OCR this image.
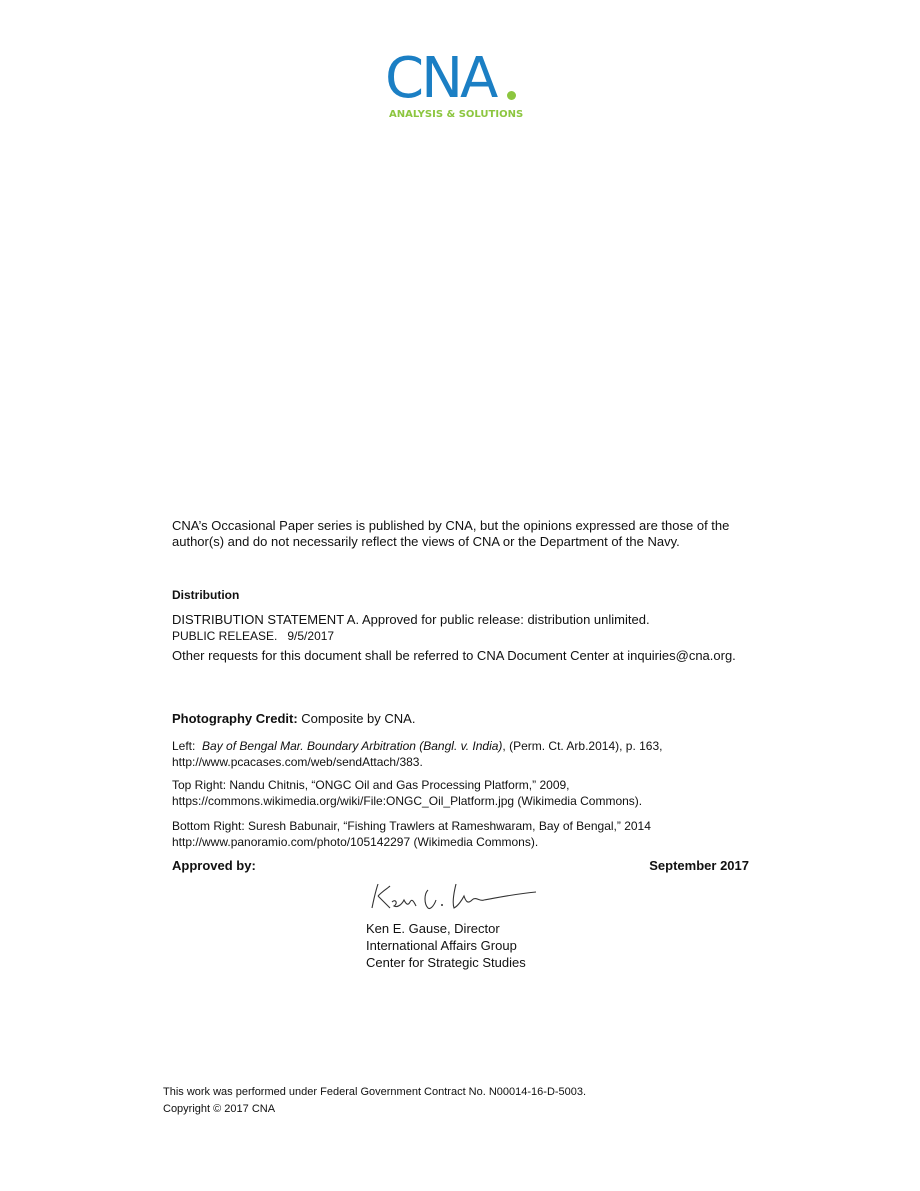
CNA
ANALYSIS & SOLUTIONS

CNA’s Occasional Paper series is published by CNA, but the opinions expressed are those of the author(s) and do not necessarily reflect the views of CNA or the Department of the Navy.

Distribution

DISTRIBUTION STATEMENT A. Approved for public release: distribution unlimited.

PUBLIC RELEASE.   9/5/2017

Other requests for this document shall be referred to CNA Document Center at inquiries@cna.org.

Photography Credit: Composite by CNA.

Left:  Bay of Bengal Mar. Boundary Arbitration (Bangl. v. India), (Perm. Ct. Arb.2014), p. 163, http://www.pcacases.com/web/sendAttach/383.

Top Right: Nandu Chitnis, “ONGC Oil and Gas Processing Platform,” 2009, https://commons.wikimedia.org/wiki/File:ONGC_Oil_Platform.jpg (Wikimedia Commons).

Bottom Right: Suresh Babunair, “Fishing Trawlers at Rameshwaram, Bay of Bengal,” 2014 http://www.panoramio.com/photo/105142297 (Wikimedia Commons).

Approved by:	September 2017
Ken E. Gause, Director
International Affairs Group
Center for Strategic Studies
This work was performed under Federal Government Contract No. N00014-16-D-5003.
Copyright © 2017 CNA
